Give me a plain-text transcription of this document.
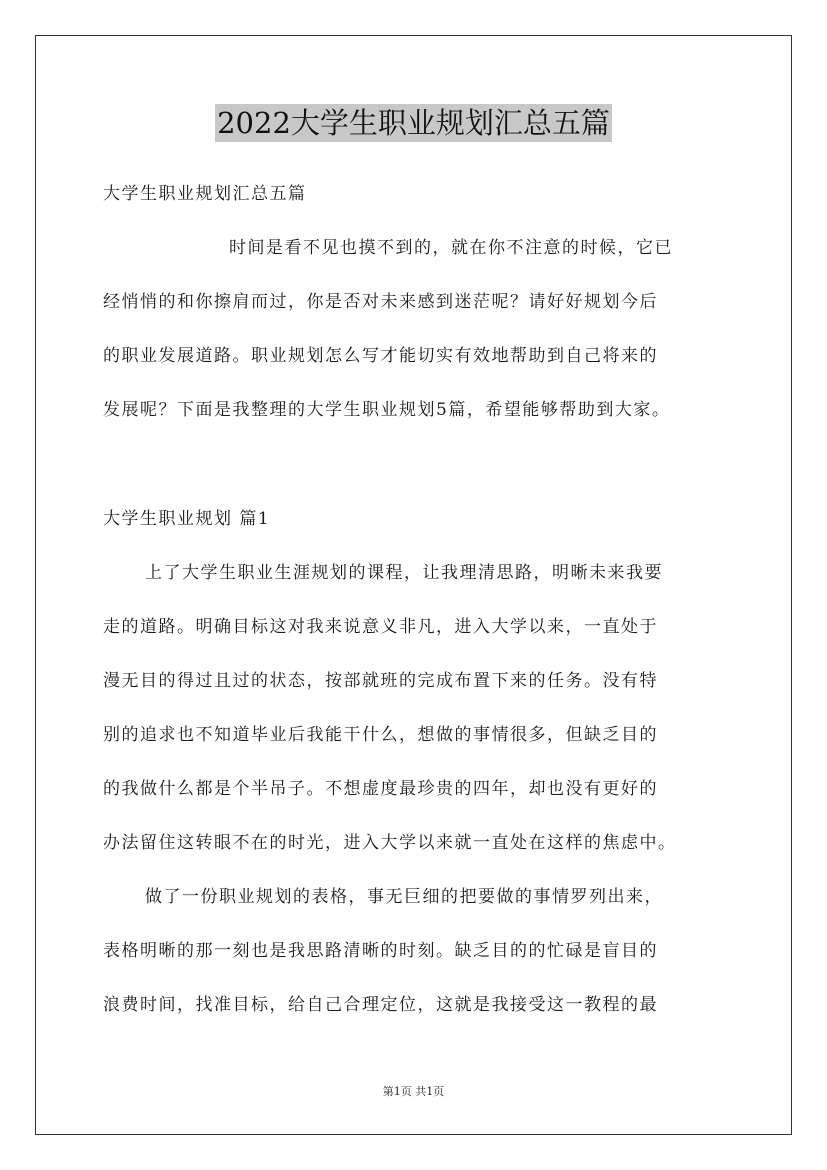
2022大学生职业规划汇总五篇
大学生职业规划汇总五篇
时间是看不见也摸不到的，就在你不注意的时候，它已
经悄悄的和你擦肩而过，你是否对未来感到迷茫呢？请好好规划今后
的职业发展道路。职业规划怎么写才能切实有效地帮助到自己将来的
发展呢？下面是我整理的大学生职业规划5篇，希望能够帮助到大家。
大学生职业规划 篇1
上了大学生职业生涯规划的课程，让我理清思路，明晰未来我要
走的道路。明确目标这对我来说意义非凡，进入大学以来，一直处于
漫无目的得过且过的状态，按部就班的完成布置下来的任务。没有特
别的追求也不知道毕业后我能干什么，想做的事情很多，但缺乏目的
的我做什么都是个半吊子。不想虚度最珍贵的四年，却也没有更好的
办法留住这转眼不在的时光，进入大学以来就一直处在这样的焦虑中。
做了一份职业规划的表格，事无巨细的把要做的事情罗列出来，
表格明晰的那一刻也是我思路清晰的时刻。缺乏目的的忙碌是盲目的
浪费时间，找准目标，给自己合理定位，这就是我接受这一教程的最
第1页 共1页
